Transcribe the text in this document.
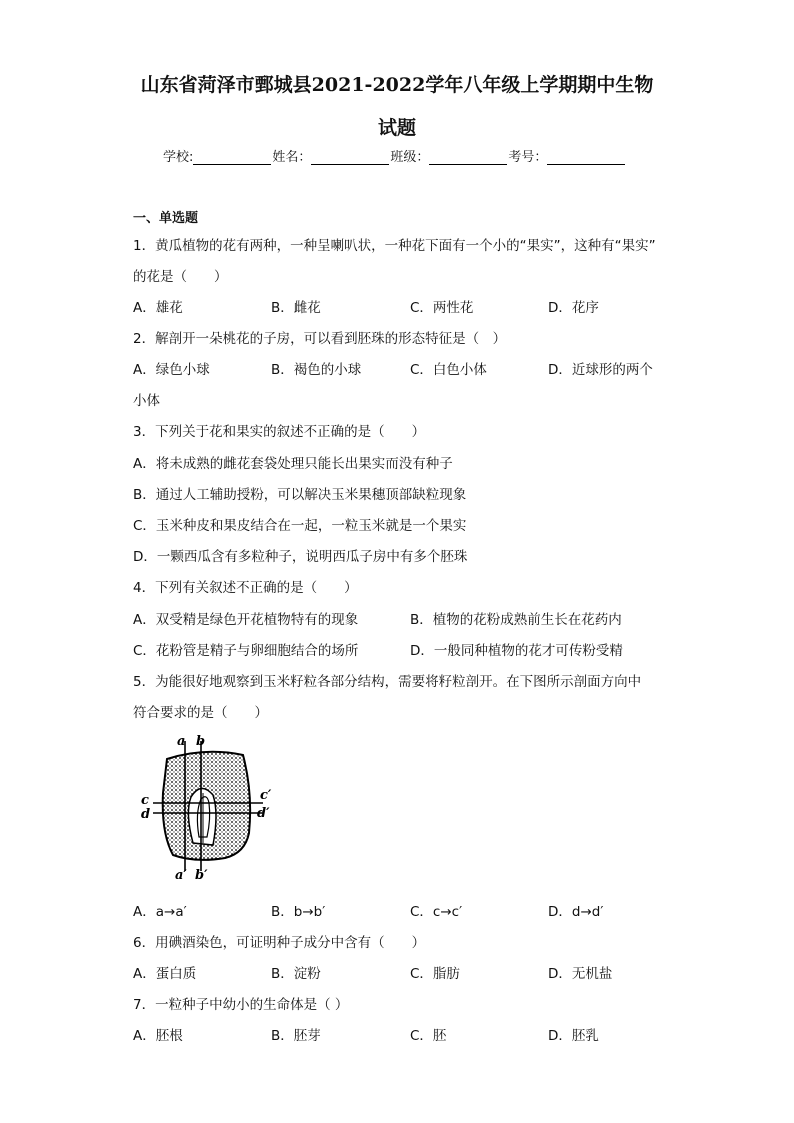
山东省菏泽市鄄城县2021-2022学年八年级上学期期中生物
试题
学校:	姓名：	班级：	考号：
一、单选题
1．黄瓜植物的花有两种，一种呈喇叭状，一种花下面有一个小的“果实”，这种有“果实”
的花是（　　）
A．雄花	B．雌花	C．两性花	D．花序
2．解剖开一朵桃花的子房，可以看到胚珠的形态特征是（　）
A．绿色小球	B．褐色的小球	C．白色小体	D．近球形的两个
小体
3．下列关于花和果实的叙述不正确的是（　　）
A．将未成熟的雌花套袋处理只能长出果实而没有种子
B．通过人工辅助授粉，可以解决玉米果穗顶部缺粒现象
C．玉米种皮和果皮结合在一起，一粒玉米就是一个果实
D．一颗西瓜含有多粒种子，说明西瓜子房中有多个胚珠
4．下列有关叙述不正确的是（　　）
A．双受精是绿色开花植物特有的现象	B．植物的花粉成熟前生长在花药内
C．花粉管是精子与卵细胞结合的场所	D．一般同种植物的花才可传粉受精
5．为能很好地观察到玉米籽粒各部分结构，需要将籽粒剖开。在下图所示剖面方向中
符合要求的是（　　）
a b
c
d
c′
d′
a′ b′
A．a→a′	B．b→b′	C．c→c′	D．d→d′
6．用碘酒染色，可证明种子成分中含有（　　）
A．蛋白质	B．淀粉	C．脂肪	D．无机盐
7．一粒种子中幼小的生命体是（ ）
A．胚根	B．胚芽	C．胚	D．胚乳
